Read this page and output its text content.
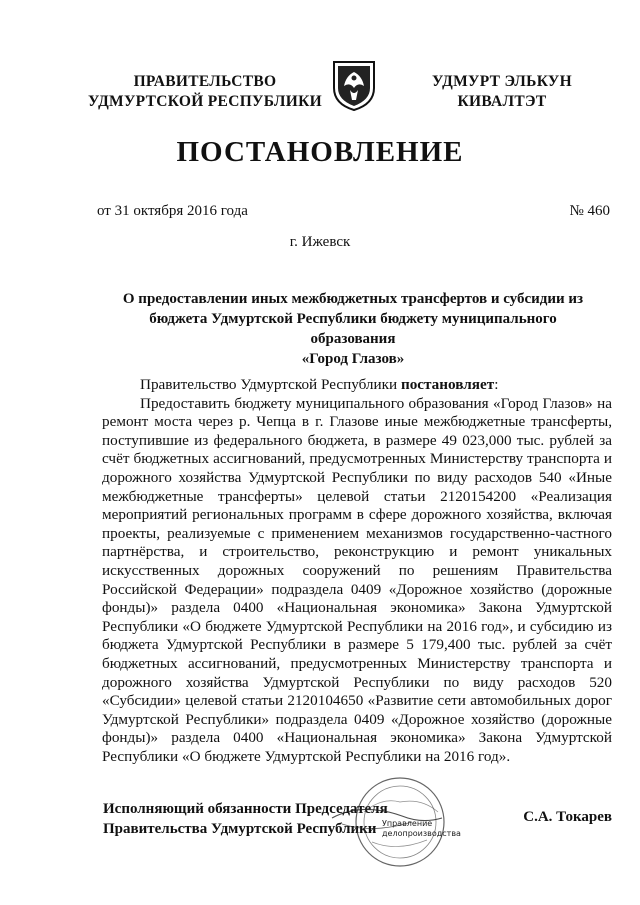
ПРАВИТЕЛЬСТВО
УДМУРТСКОЙ РЕСПУБЛИКИ
УДМУРТ ЭЛЬКУН
КИВАЛТЭТ
ПОСТАНОВЛЕНИЕ
от 31 октября 2016 года	№ 460
г. Ижевск
О предоставлении иных межбюджетных трансфертов и субсидии из
бюджета Удмуртской Республики бюджету муниципального образования
«Город Глазов»

Правительство Удмуртской Республики постановляет:

Предоставить бюджету муниципального образования «Город Глазов» на ремонт моста через р. Чепца в г. Глазове иные межбюджетные трансферты, поступившие из федерального бюджета, в размере 49 023,000 тыс. рублей за счёт бюджетных ассигнований, предусмотренных Министерству транспорта и дорожного хозяйства Удмуртской Республики по виду расходов 540 «Иные межбюджетные трансферты» целевой статьи 2120154200 «Реализация мероприятий региональных программ в сфере дорожного хозяйства, включая проекты, реализуемые с применением механизмов государственно-частного партнёрства, и строительство, реконструкцию и ремонт уникальных искусственных дорожных сооружений по решениям Правительства Российской Федерации» подраздела 0409 «Дорожное хозяйство (дорожные фонды)» раздела 0400 «Национальная экономика» Закона Удмуртской Республики «О бюджете Удмуртской Республики на 2016 год», и субсидию из бюджета Удмуртской Республики в размере 5 179,400 тыс. рублей за счёт бюджетных ассигнований, предусмотренных Министерству транспорта и дорожного хозяйства Удмуртской Республики по виду расходов 520 «Субсидии» целевой статьи 2120104650 «Развитие сети автомобильных дорог Удмуртской Республики» подраздела 0409 «Дорожное хозяйство (дорожные фонды)» раздела 0400 «Национальная экономика» Закона Удмуртской Республики «О бюджете Удмуртской Республики на 2016 год».

Исполняющий обязанности Председателя
Правительства Удмуртской Республики
С.А. Токарев
Управление
делопроизводства
